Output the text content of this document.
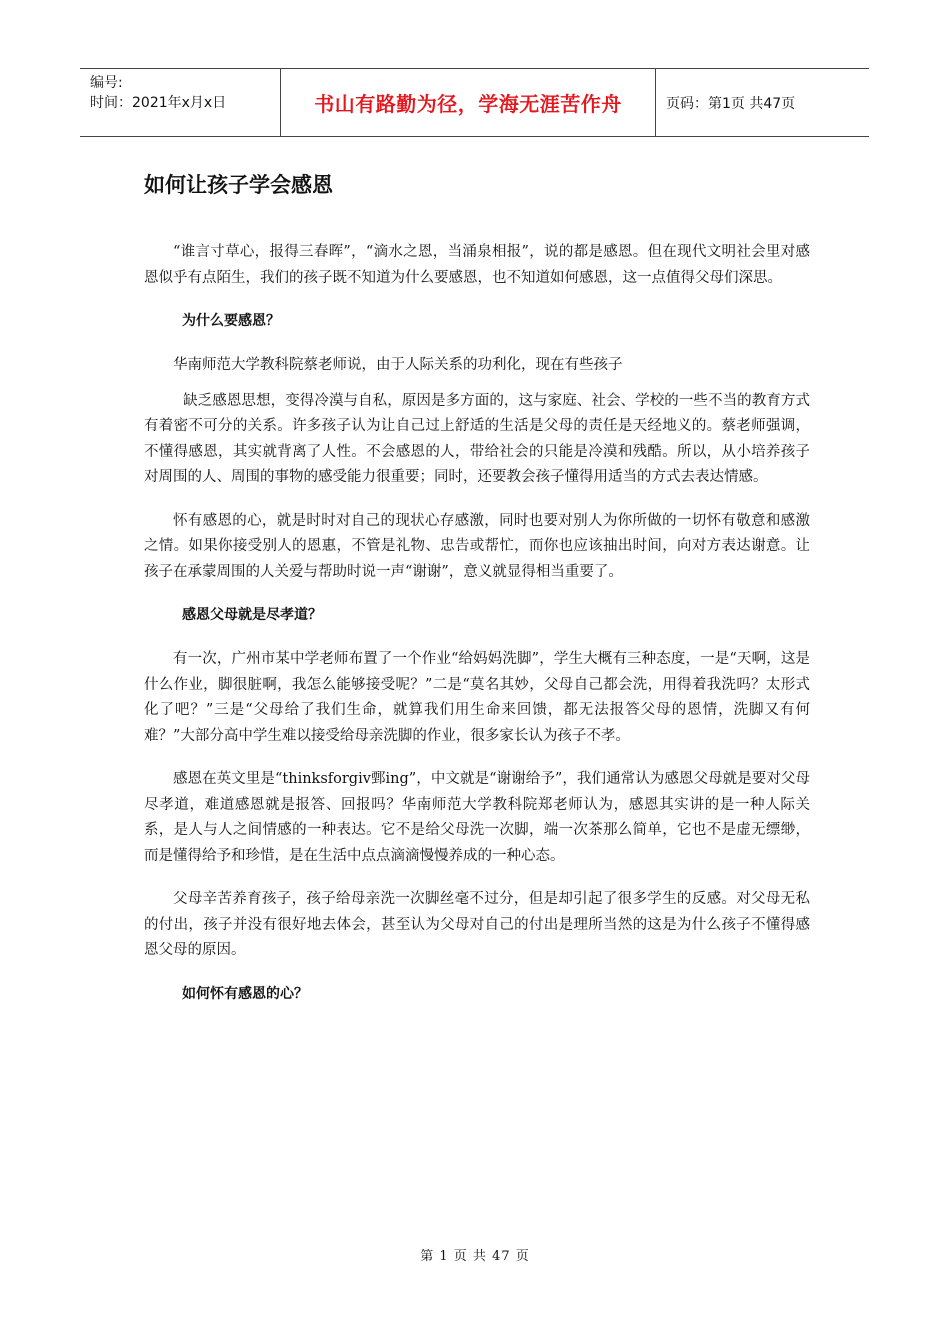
编号:
时间：2021年x月x日	书山有路勤为径，学海无涯苦作舟	页码：第1页 共47页
如何让孩子学会感恩

“谁言寸草心，报得三春晖”，“滴水之恩，当涌泉相报”，说的都是感恩。但在现代文明社会里对感恩似乎有点陌生，我们的孩子既不知道为什么要感恩，也不知道如何感恩，这一点值得父母们深思。

为什么要感恩？

华南师范大学教科院蔡老师说，由于人际关系的功利化，现在有些孩子

缺乏感恩思想，变得冷漠与自私，原因是多方面的，这与家庭、社会、学校的一些不当的教育方式有着密不可分的关系。许多孩子认为让自己过上舒适的生活是父母的责任是天经地义的。蔡老师强调，不懂得感恩，其实就背离了人性。不会感恩的人，带给社会的只能是冷漠和残酷。所以，从小培养孩子对周围的人、周围的事物的感受能力很重要；同时，还要教会孩子懂得用适当的方式去表达情感。

怀有感恩的心，就是时时对自己的现状心存感激，同时也要对别人为你所做的一切怀有敬意和感激之情。如果你接受别人的恩惠，不管是礼物、忠告或帮忙，而你也应该抽出时间，向对方表达谢意。让孩子在承蒙周围的人关爱与帮助时说一声“谢谢”，意义就显得相当重要了。

感恩父母就是尽孝道？

有一次，广州市某中学老师布置了一个作业“给妈妈洗脚”，学生大概有三种态度，一是“天啊，这是什么作业，脚很脏啊，我怎么能够接受呢？”二是“莫名其妙，父母自己都会洗，用得着我洗吗？太形式化了吧？”三是“父母给了我们生命，就算我们用生命来回馈，都无法报答父母的恩情，洗脚又有何难？”大部分高中学生难以接受给母亲洗脚的作业，很多家长认为孩子不孝。

感恩在英文里是“thinksforgiv鄄ing”，中文就是“谢谢给予”，我们通常认为感恩父母就是要对父母尽孝道，难道感恩就是报答、回报吗？华南师范大学教科院郑老师认为，感恩其实讲的是一种人际关系，是人与人之间情感的一种表达。它不是给父母洗一次脚，端一次茶那么简单，它也不是虚无缥缈，而是懂得给予和珍惜，是在生活中点点滴滴慢慢养成的一种心态。

父母辛苦养育孩子，孩子给母亲洗一次脚丝毫不过分，但是却引起了很多学生的反感。对父母无私的付出，孩子并没有很好地去体会，甚至认为父母对自己的付出是理所当然的这是为什么孩子不懂得感恩父母的原因。

如何怀有感恩的心？
第 1 页 共 47 页
